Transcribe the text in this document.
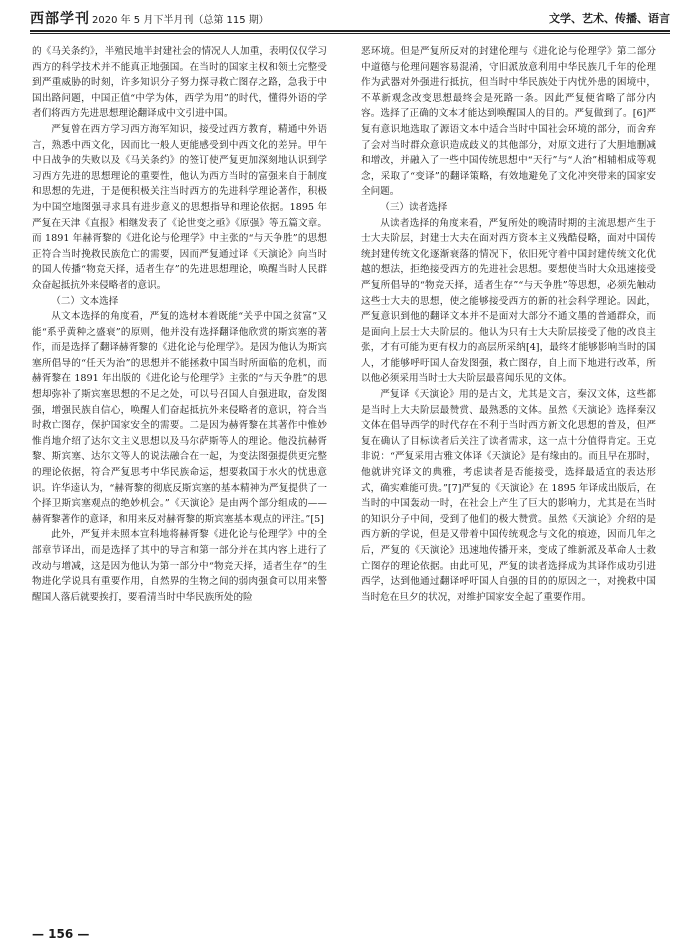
西部学刊 2020 年 5 月下半月刊（总第 115 期）	文学、艺术、传播、语言

的《马关条约》，半殖民地半封建社会的情况人人加重，表明仅仅学习西方的科学技术并不能真正地强国。在当时的国家主权和领土完整受到严重威胁的时刻，许多知识分子努力探寻救亡图存之路，急我于中国出路问题，中国正值“中学为体，西学为用”的时代，懂得外语的学者们将西方先进思想理论翻译成中文引进中国。

严复曾在西方学习西方海军知识，接受过西方教育，精通中外语言，熟悉中西文化，因而比一般人更能感受到中西文化的差异。甲午中日战争的失败以及《马关条约》的签订使严复更加深刻地认识到学习西方先进的思想理论的重要性，他认为西方当时的富强来自于制度和思想的先进，于是便积极关注当时西方的先进科学理论著作，积极为中国空地图强寻求具有进步意义的思想指导和理论依据。1895 年严复在天津《直报》相继发表了《论世变之亟》《原强》等五篇文章。而 1891 年赫胥黎的《进化论与伦理学》中主张的“与天争胜”的思想正符合当时挽救民族危亡的需要，因而严复通过译《天演论》向当时的国人传播“物竞天择，适者生存”的先进思想理论，唤醒当时人民群众奋起抵抗外来侵略者的意识。

（二）文本选择

从文本选择的角度看，严复的选材本着既能“关乎中国之贫富”又能“系乎黄种之盛衰”的原则，他并没有选择翻译他欣赏的斯宾塞的著作，而是选择了翻译赫胥黎的《进化论与伦理学》。是因为他认为斯宾塞所倡导的“任天为治”的思想并不能拯救中国当时所面临的危机，而赫胥黎在 1891 年出版的《进化论与伦理学》主张的“与天争胜”的思想却弥补了斯宾塞思想的不足之处，可以号召国人自强进取，奋发图强，增强民族自信心，唤醒人们奋起抵抗外来侵略者的意识，符合当时救亡图存，保护国家安全的需要。二是因为赫胥黎在其著作中惟妙惟肖地介绍了达尔文主义思想以及马尔萨斯等人的理论。他没抗赫胥黎、斯宾塞、达尔文等人的说法融合在一起，为变法图强提供更完整的理论依据，符合严复思考中华民族命运，想要救国于水火的忧患意识。许华逵认为，“赫胥黎的彻底反斯宾塞的基本精神为严复提供了一个择卫斯宾塞观点的绝妙机会。”《天演论》是由两个部分组成的——赫胥黎著作的意译，和用来反对赫胥黎的斯宾塞基本观点的评注。”[5]

此外，严复并未照本宣科地将赫胥黎《进化论与伦理学》中的全部章节译出，而是选择了其中的导言和第一部分并在其内容上进行了改动与增减，这是因为他认为第一部分中“物竞天择，适者生存”的生物进化学说具有重要作用，自然界的生物之间的弱肉强食可以用来警醒国人落后就要挨打，要看清当时中华民族所处的险

恶环境。但是严复所反对的封建伦理与《进化论与伦理学》第二部分中道德与伦理问题容易混淆，守旧派放意利用中华民族几千年的伦理作为武器对外强进行抵抗，但当时中华民族处于内忧外患的困境中，不革新观念改变思想最终会是死路一条。因此严复便省略了部分内容。选择了正确的文本才能达到唤醒国人的目的。严复做到了。[6]严复有意识地选取了源语文本中适合当时中国社会环境的部分，而舍弃了会对当时群众意识造成歧义的其他部分，对原文进行了大胆地删减和增改，并融入了一些中国传统思想中“天行”与“人治”相辅相成等观念，采取了“变译”的翻译策略，有效地避免了文化冲突带来的国家安全问题。

（三）读者选择

从读者选择的角度来看，严复所处的晚清时期的主流思想产生于士大夫阶层，封建士大夫在面对西方资本主义残酷侵略，面对中国传统封建传统文化逐渐衰落的情况下，依旧死守着中国封建传统文化优越的想法，拒绝接受西方的先进社会思想。要想使当时大众迅速接受严复所倡导的“物竞天择，适者生存”“与天争胜”等思想，必须先触动这些士大夫的思想，使之能够接受西方的新的社会科学理论。因此，严复意识到他的翻译文本并不是面对大部分不通文墨的普通群众，而是面向上层士大夫阶层的。他认为只有士大夫阶层接受了他的改良主张，才有可能为更有权力的高层所采纳[4]，最终才能够影响当时的国人，才能够呼吁国人奋发图强，救亡图存，自上而下地进行改革，所以他必须采用当时士大夫阶层最喜闻乐见的文体。

严复译《天演论》用的是古文，尤其是文言，秦汉文体，这些都是当时上大夫阶层最赞赏、最熟悉的文体。虽然《天演论》选择秦汉文体在倡导西学的时代存在不利于当时西方新文化思想的普及，但严复在确认了目标读者后关注了读者需求，这一点十分值得肯定。王克非说：“严复采用古雅文体译《天演论》是有缘由的。而且早在那时，他就讲究译文的典雅，考虑读者是否能接受，选择最适宜的表达形式，确实难能可贵。”[7]严复的《天演论》在 1895 年译成出版后，在当时的中国轰动一时，在社会上产生了巨大的影响力，尤其是在当时的知识分子中间，受到了他们的极大赞赏。虽然《天演论》介绍的是西方新的学说，但是又带着中国传统观念与文化的痕迹，因而几年之后，严复的《天演论》迅速地传播开来，变成了维新派及革命人士救亡图存的理论依据。由此可见，严复的读者选择成为其译作成功引进西学，达到他通过翻译呼吁国人自强的目的的原因之一，对挽救中国当时危在旦夕的状况，对维护国家安全起了重要作用。

— 156 —
